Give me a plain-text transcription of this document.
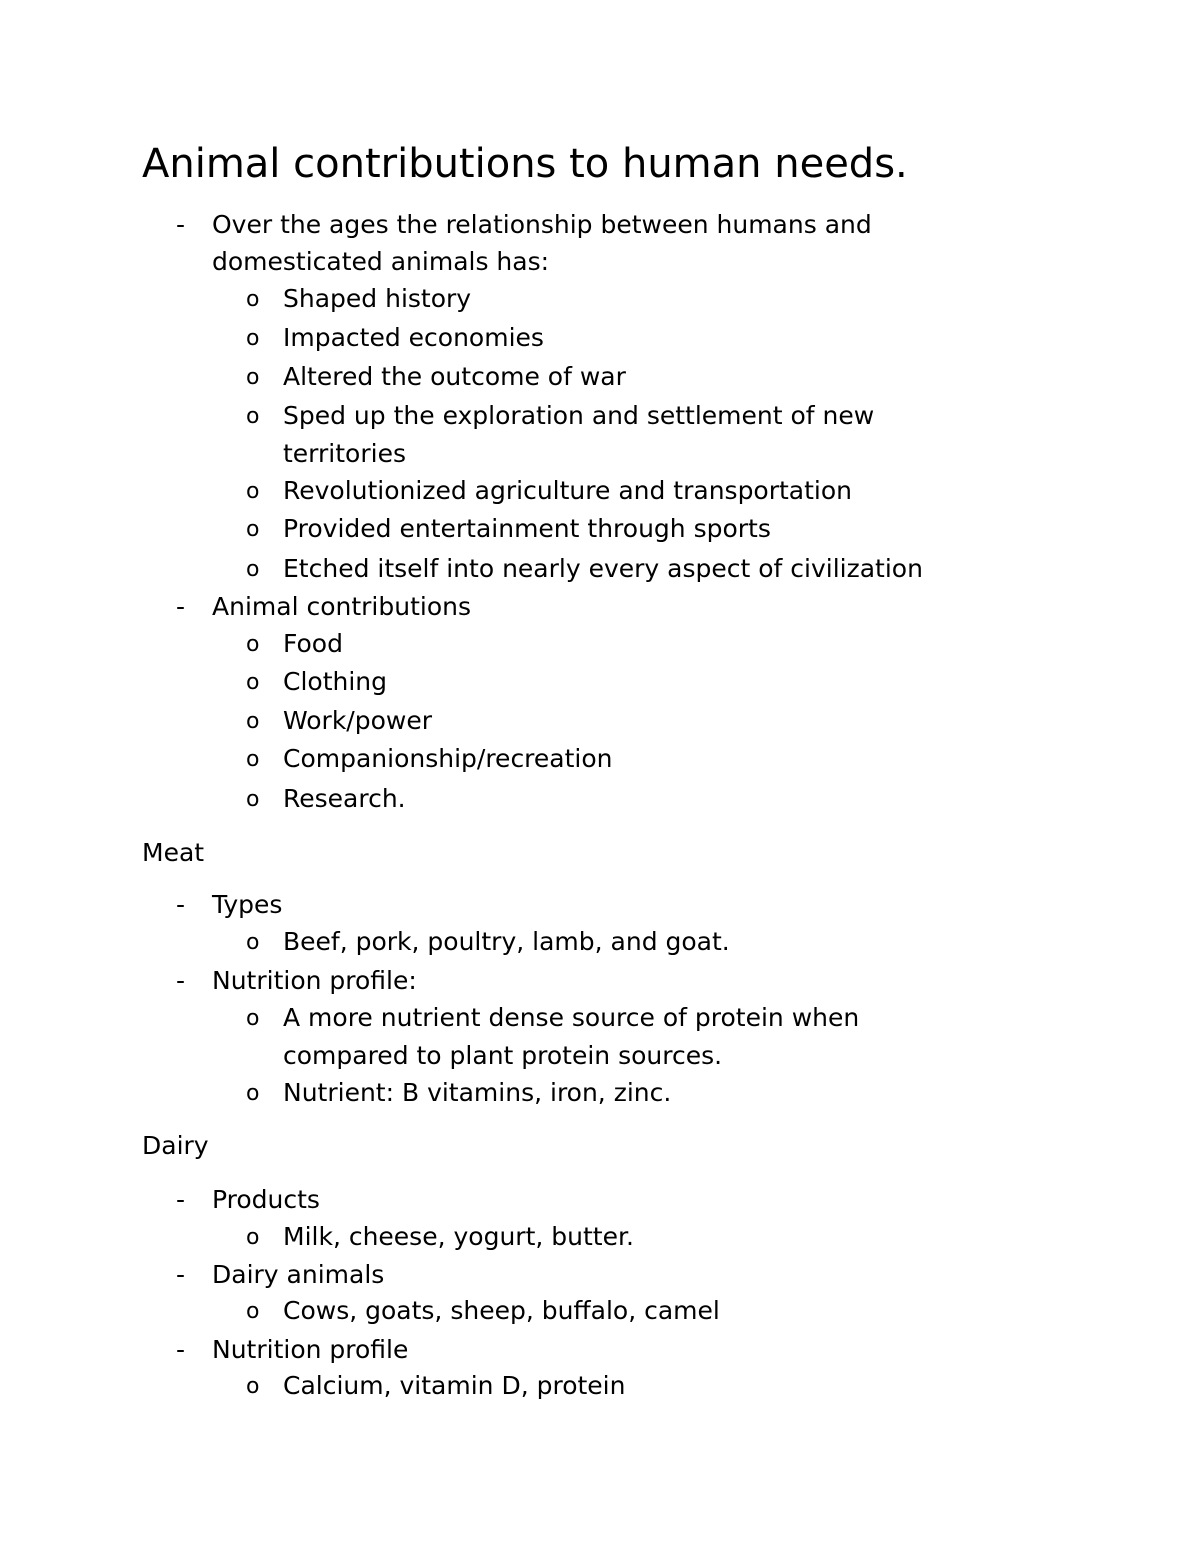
Animal contributions to human needs.
- Over the ages the relationship between humans and
domesticated animals has:
o Shaped history
o Impacted economies
o Altered the outcome of war
o Sped up the exploration and settlement of new
territories
o Revolutionized agriculture and transportation
o Provided entertainment through sports
o Etched itself into nearly every aspect of civilization
- Animal contributions
o Food
o Clothing
o Work/power
o Companionship/recreation
o Research.
Meat
- Types
o Beef, pork, poultry, lamb, and goat.
- Nutrition profile:
o A more nutrient dense source of protein when
compared to plant protein sources.
o Nutrient: B vitamins, iron, zinc.
Dairy
- Products
o Milk, cheese, yogurt, butter.
- Dairy animals
o Cows, goats, sheep, buffalo, camel
- Nutrition profile
o Calcium, vitamin D, protein
